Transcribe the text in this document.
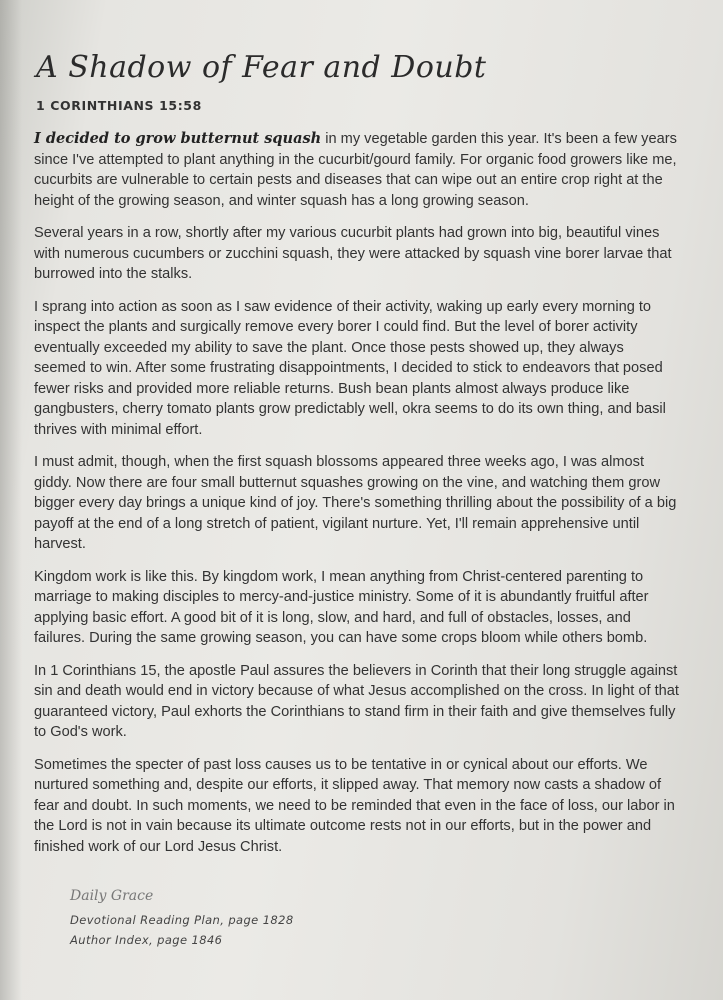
A Shadow of Fear and Doubt
1 CORINTHIANS 15:58

I decided to grow butternut squash in my vegetable garden this year. It's been a few years since I've attempted to plant anything in the cucurbit/gourd family. For organic food growers like me, cucurbits are vulnerable to certain pests and diseases that can wipe out an entire crop right at the height of the growing season, and winter squash has a long growing season.

Several years in a row, shortly after my various cucurbit plants had grown into big, beautiful vines with numerous cucumbers or zucchini squash, they were attacked by squash vine borer larvae that burrowed into the stalks.

I sprang into action as soon as I saw evidence of their activity, waking up early every morning to inspect the plants and surgically remove every borer I could find. But the level of borer activity eventually exceeded my ability to save the plant. Once those pests showed up, they always seemed to win. After some frustrating disappointments, I decided to stick to endeavors that posed fewer risks and provided more reliable returns. Bush bean plants almost always produce like gangbusters, cherry tomato plants grow predictably well, okra seems to do its own thing, and basil thrives with minimal effort.

I must admit, though, when the first squash blossoms appeared three weeks ago, I was almost giddy. Now there are four small butternut squashes growing on the vine, and watching them grow bigger every day brings a unique kind of joy. There's something thrilling about the possibility of a big payoff at the end of a long stretch of patient, vigilant nurture. Yet, I'll remain apprehensive until harvest.

Kingdom work is like this. By kingdom work, I mean anything from Christ-centered parenting to marriage to making disciples to mercy-and-justice ministry. Some of it is abundantly fruitful after applying basic effort. A good bit of it is long, slow, and hard, and full of obstacles, losses, and failures. During the same growing season, you can have some crops bloom while others bomb.

In 1 Corinthians 15, the apostle Paul assures the believers in Corinth that their long struggle against sin and death would end in victory because of what Jesus accomplished on the cross. In light of that guaranteed victory, Paul exhorts the Corinthians to stand firm in their faith and give themselves fully to God's work.

Sometimes the specter of past loss causes us to be tentative in or cynical about our efforts. We nurtured something and, despite our efforts, it slipped away. That memory now casts a shadow of fear and doubt. In such moments, we need to be reminded that even in the face of loss, our labor in the Lord is not in vain because its ultimate outcome rests not in our efforts, but in the power and finished work of our Lord Jesus Christ.

Daily Grace
Devotional Reading Plan, page 1828
Author Index, page 1846
